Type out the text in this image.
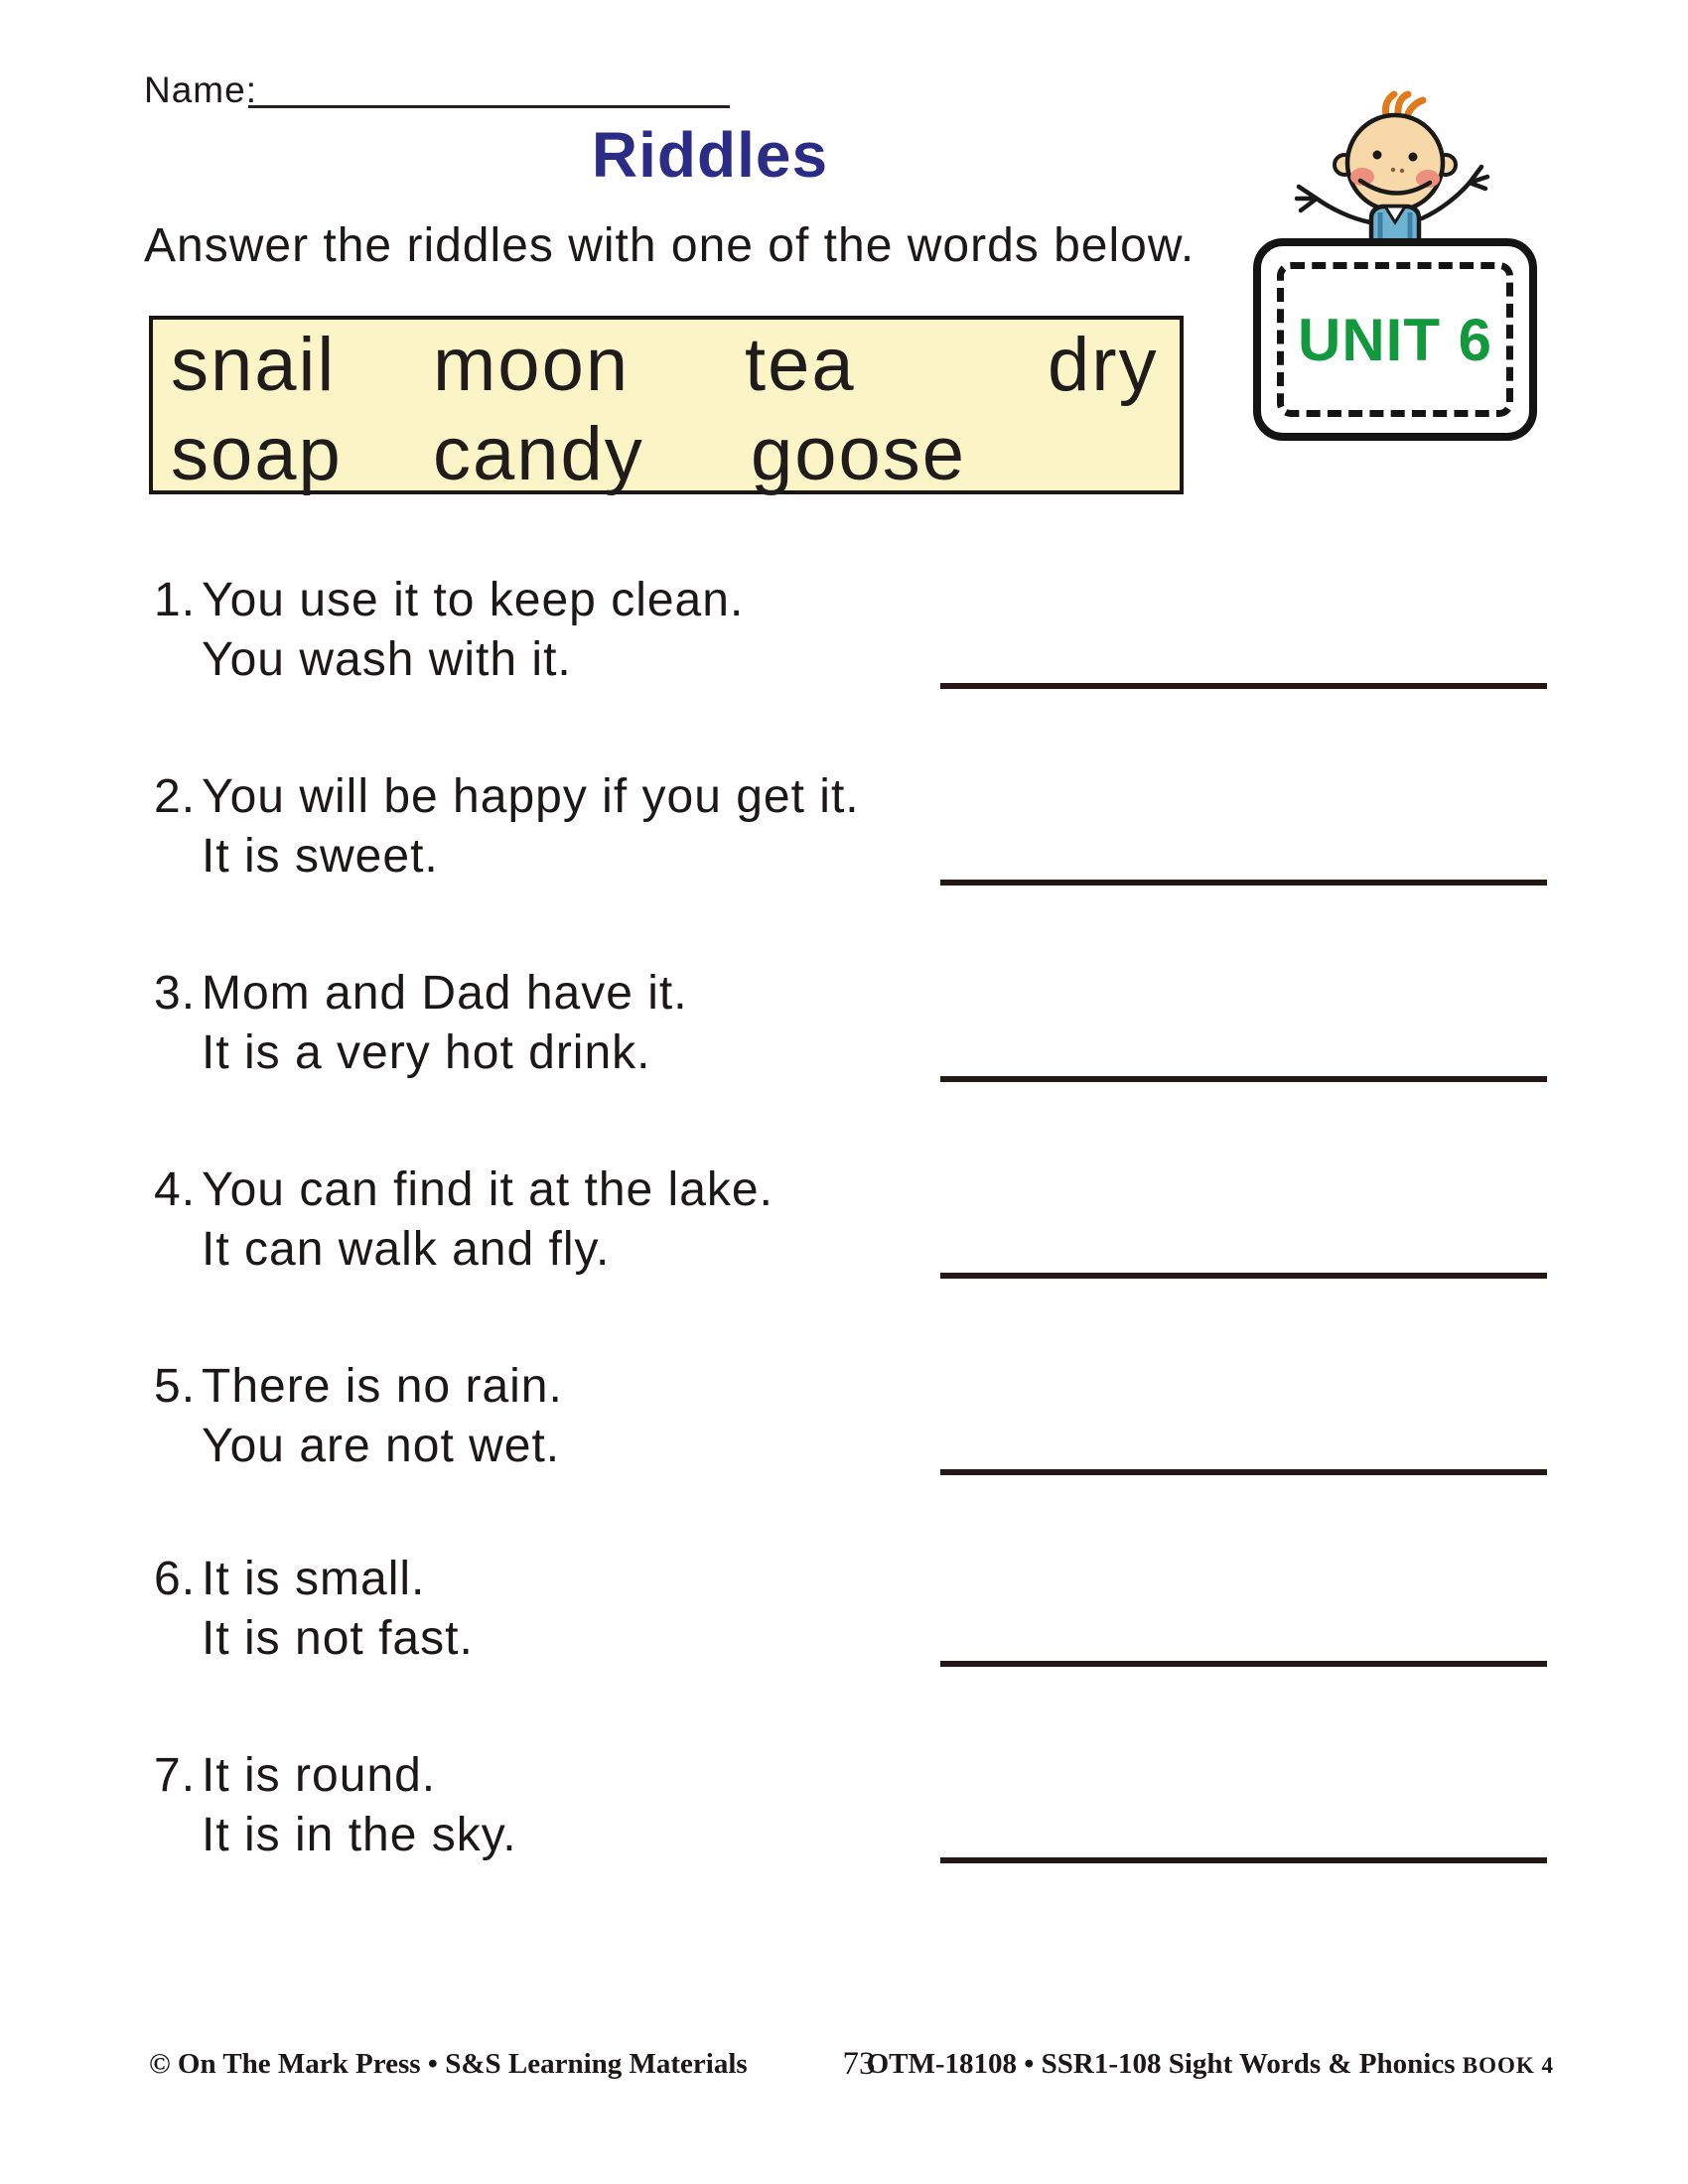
Name:
Riddles
Answer the riddles with one of the words below.
snail moon tea	dry
soap candy goose
UNIT 6
1. You use it to keep clean.
You wash with it.
2. You will be happy if you get it.
It is sweet.
3. Mom and Dad have it.
It is a very hot drink.
4. You can find it at the lake.
It can walk and fly.
5. There is no rain.
You are not wet.
6. It is small.
It is not fast.
7. It is round.
It is in the sky.
© On The Mark Press • S&S Learning Materials	73
OTM-18108 • SSR1-108 Sight Words & Phonics BOOK 4
